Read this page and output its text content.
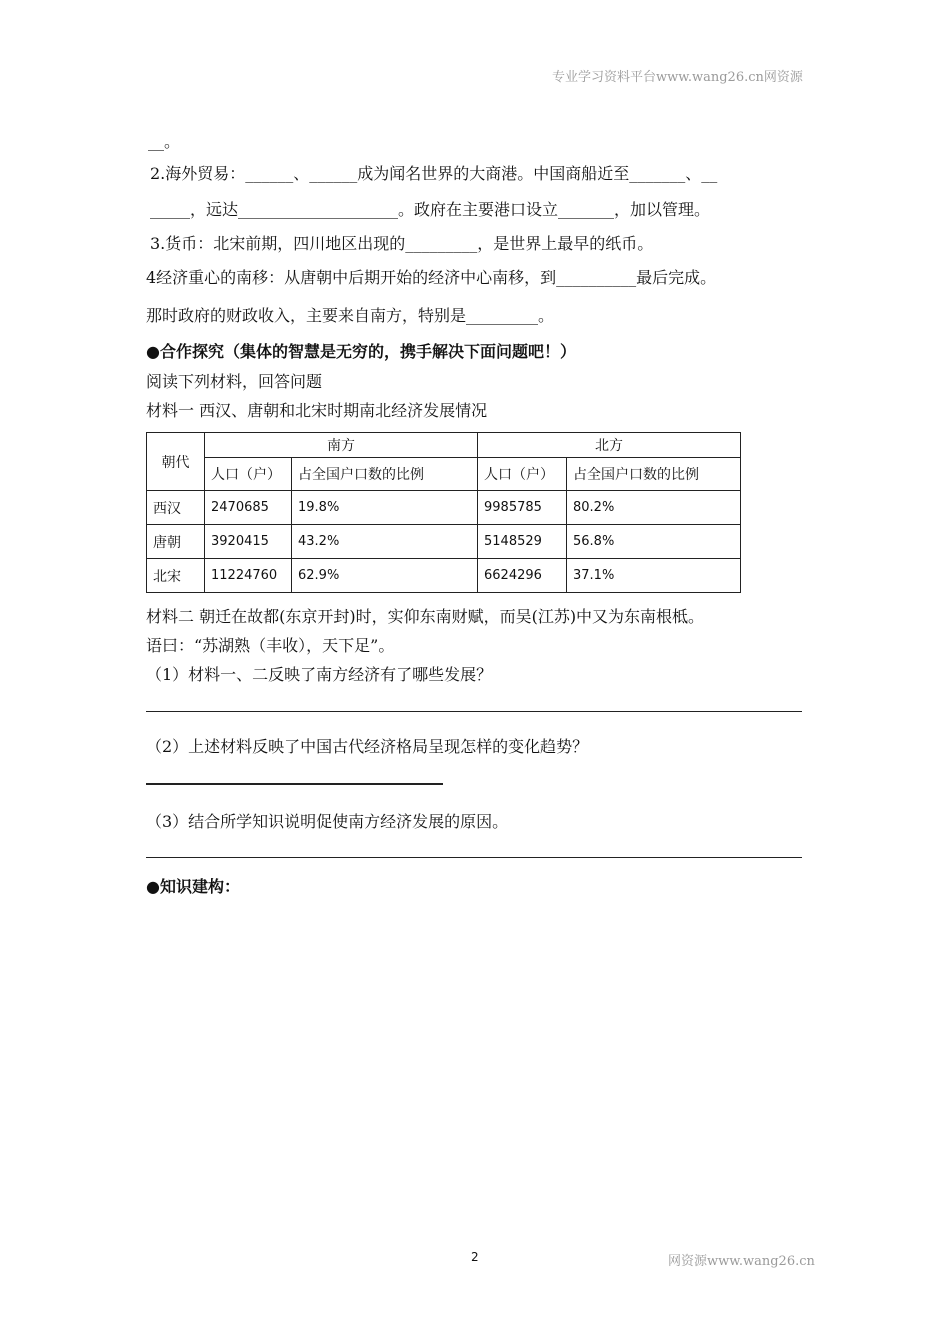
专业学习资料平台www.wang26.cn网资源
__。
2.海外贸易：______、______成为闻名世界的大商港。中国商船近至_______、__
_____，远达____________________。政府在主要港口设立_______，加以管理。
3.货币：北宋前期，四川地区出现的_________，是世界上最早的纸币。
4经济重心的南移：从唐朝中后期开始的经济中心南移，到__________最后完成。
那时政府的财政收入，主要来自南方，特别是_________。
●合作探究（集体的智慧是无穷的，携手解决下面问题吧！）
阅读下列材料，回答问题
材料一 西汉、唐朝和北宋时期南北经济发展情况
朝代	南方		北方	
	人口（户）	占全国户口数的比例	人口（户）	占全国户口数的比例
西汉	2470685	19.8%	9985785	80.2%
唐朝	3920415	43.2%	5148529	56.8%
北宋	11224760	62.9%	6624296	37.1%
材料二 朝迁在故都(东京开封)时，实仰东南财赋，而吴(江苏)中又为东南根柢。
语曰：“苏湖熟（丰收），天下足”。
（1）材料一、二反映了南方经济有了哪些发展？
（2）上述材料反映了中国古代经济格局呈现怎样的变化趋势？
（3）结合所学知识说明促使南方经济发展的原因。
●知识建构：
2	网资源www.wang26.cn
